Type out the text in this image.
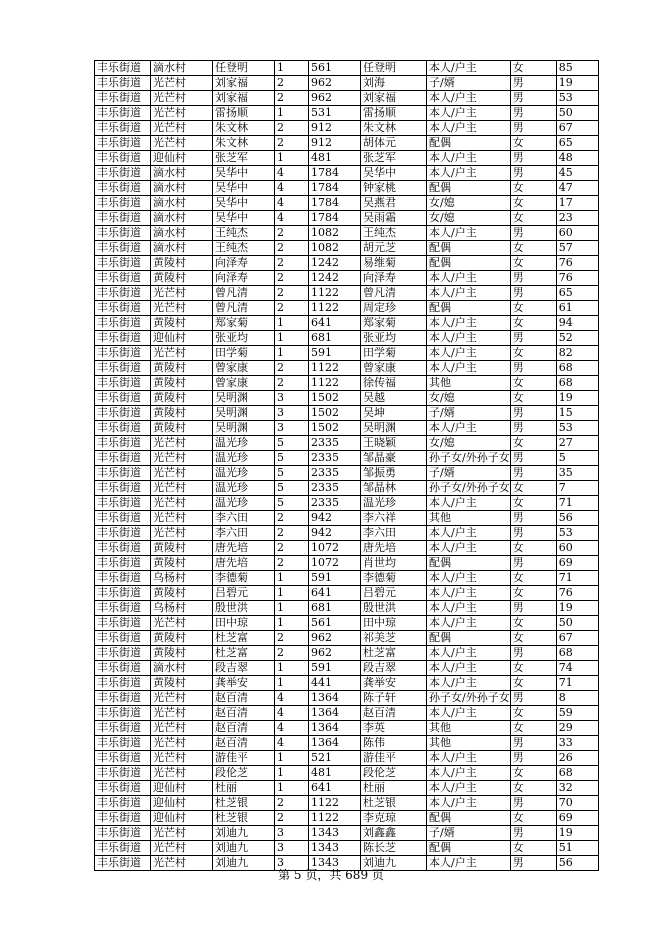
丰乐街道	滴水村	任登明	1	561	任登明	本人/户主	女	85
丰乐街道	光芒村	刘家福	2	962	刘海	子/婿	男	19
丰乐街道	光芒村	刘家福	2	962	刘家福	本人/户主	男	53
丰乐街道	光芒村	雷扬顺	1	531	雷扬顺	本人/户主	男	50
丰乐街道	光芒村	朱文林	2	912	朱文林	本人/户主	男	67
丰乐街道	光芒村	朱文林	2	912	胡体元	配偶	女	65
丰乐街道	迎仙村	张芝军	1	481	张芝军	本人/户主	男	48
丰乐街道	滴水村	吴华中	4	1784	吴华中	本人/户主	男	45
丰乐街道	滴水村	吴华中	4	1784	钟家桃	配偶	女	47
丰乐街道	滴水村	吴华中	4	1784	吴燕君	女/媳	女	17
丰乐街道	滴水村	吴华中	4	1784	吴雨霜	女/媳	女	23
丰乐街道	滴水村	王纯杰	2	1082	王纯杰	本人/户主	男	60
丰乐街道	滴水村	王纯杰	2	1082	胡元芝	配偶	女	57
丰乐街道	黄陵村	向泽寿	2	1242	易维菊	配偶	女	76
丰乐街道	黄陵村	向泽寿	2	1242	向泽寿	本人/户主	男	76
丰乐街道	光芒村	曾凡清	2	1122	曾凡清	本人/户主	男	65
丰乐街道	光芒村	曾凡清	2	1122	周定珍	配偶	女	61
丰乐街道	黄陵村	郑家菊	1	641	郑家菊	本人/户主	女	94
丰乐街道	迎仙村	张亚均	1	681	张亚均	本人/户主	男	52
丰乐街道	光芒村	田学菊	1	591	田学菊	本人/户主	女	82
丰乐街道	黄陵村	曾家康	2	1122	曾家康	本人/户主	男	68
丰乐街道	黄陵村	曾家康	2	1122	徐传福	其他	女	68
丰乐街道	黄陵村	吴明渊	3	1502	吴越	女/媳	女	19
丰乐街道	黄陵村	吴明渊	3	1502	吴坤	子/婿	男	15
丰乐街道	黄陵村	吴明渊	3	1502	吴明渊	本人/户主	男	53
丰乐街道	光芒村	温光珍	5	2335	王晓颖	女/媳	女	27
丰乐街道	光芒村	温光珍	5	2335	邹晶豪	孙子女/外孙子女	男	5
丰乐街道	光芒村	温光珍	5	2335	邹振勇	子/婿	男	35
丰乐街道	光芒村	温光珍	5	2335	邹晶林	孙子女/外孙子女	女	7
丰乐街道	光芒村	温光珍	5	2335	温光珍	本人/户主	女	71
丰乐街道	光芒村	李六田	2	942	李六祥	其他	男	56
丰乐街道	光芒村	李六田	2	942	李六田	本人/户主	男	53
丰乐街道	黄陵村	唐先培	2	1072	唐先培	本人/户主	女	60
丰乐街道	黄陵村	唐先培	2	1072	肖世均	配偶	男	69
丰乐街道	乌杨村	李德菊	1	591	李德菊	本人/户主	女	71
丰乐街道	黄陵村	吕碧元	1	641	吕碧元	本人/户主	女	76
丰乐街道	乌杨村	殷世洪	1	681	殷世洪	本人/户主	男	19
丰乐街道	光芒村	田中琼	1	561	田中琼	本人/户主	女	50
丰乐街道	黄陵村	杜芝富	2	962	祁美芝	配偶	女	67
丰乐街道	黄陵村	杜芝富	2	962	杜芝富	本人/户主	男	68
丰乐街道	滴水村	段吉翠	1	591	段吉翠	本人/户主	女	74
丰乐街道	黄陵村	龚举安	1	441	龚举安	本人/户主	女	71
丰乐街道	光芒村	赵百清	4	1364	陈子轩	孙子女/外孙子女	男	8
丰乐街道	光芒村	赵百清	4	1364	赵百清	本人/户主	女	59
丰乐街道	光芒村	赵百清	4	1364	李英	其他	女	29
丰乐街道	光芒村	赵百清	4	1364	陈伟	其他	男	33
丰乐街道	光芒村	游佳平	1	521	游佳平	本人/户主	男	26
丰乐街道	光芒村	段伦芝	1	481	段伦芝	本人/户主	女	68
丰乐街道	迎仙村	杜丽	1	641	杜丽	本人/户主	女	32
丰乐街道	迎仙村	杜芝银	2	1122	杜芝银	本人/户主	男	70
丰乐街道	迎仙村	杜芝银	2	1122	李克琼	配偶	女	69
丰乐街道	光芒村	刘迪九	3	1343	刘鑫鑫	子/婿	男	19
丰乐街道	光芒村	刘迪九	3	1343	陈长芝	配偶	女	51
丰乐街道	光芒村	刘迪九	3	1343	刘迪九	本人/户主	男	56
第 5 页，共 689 页
